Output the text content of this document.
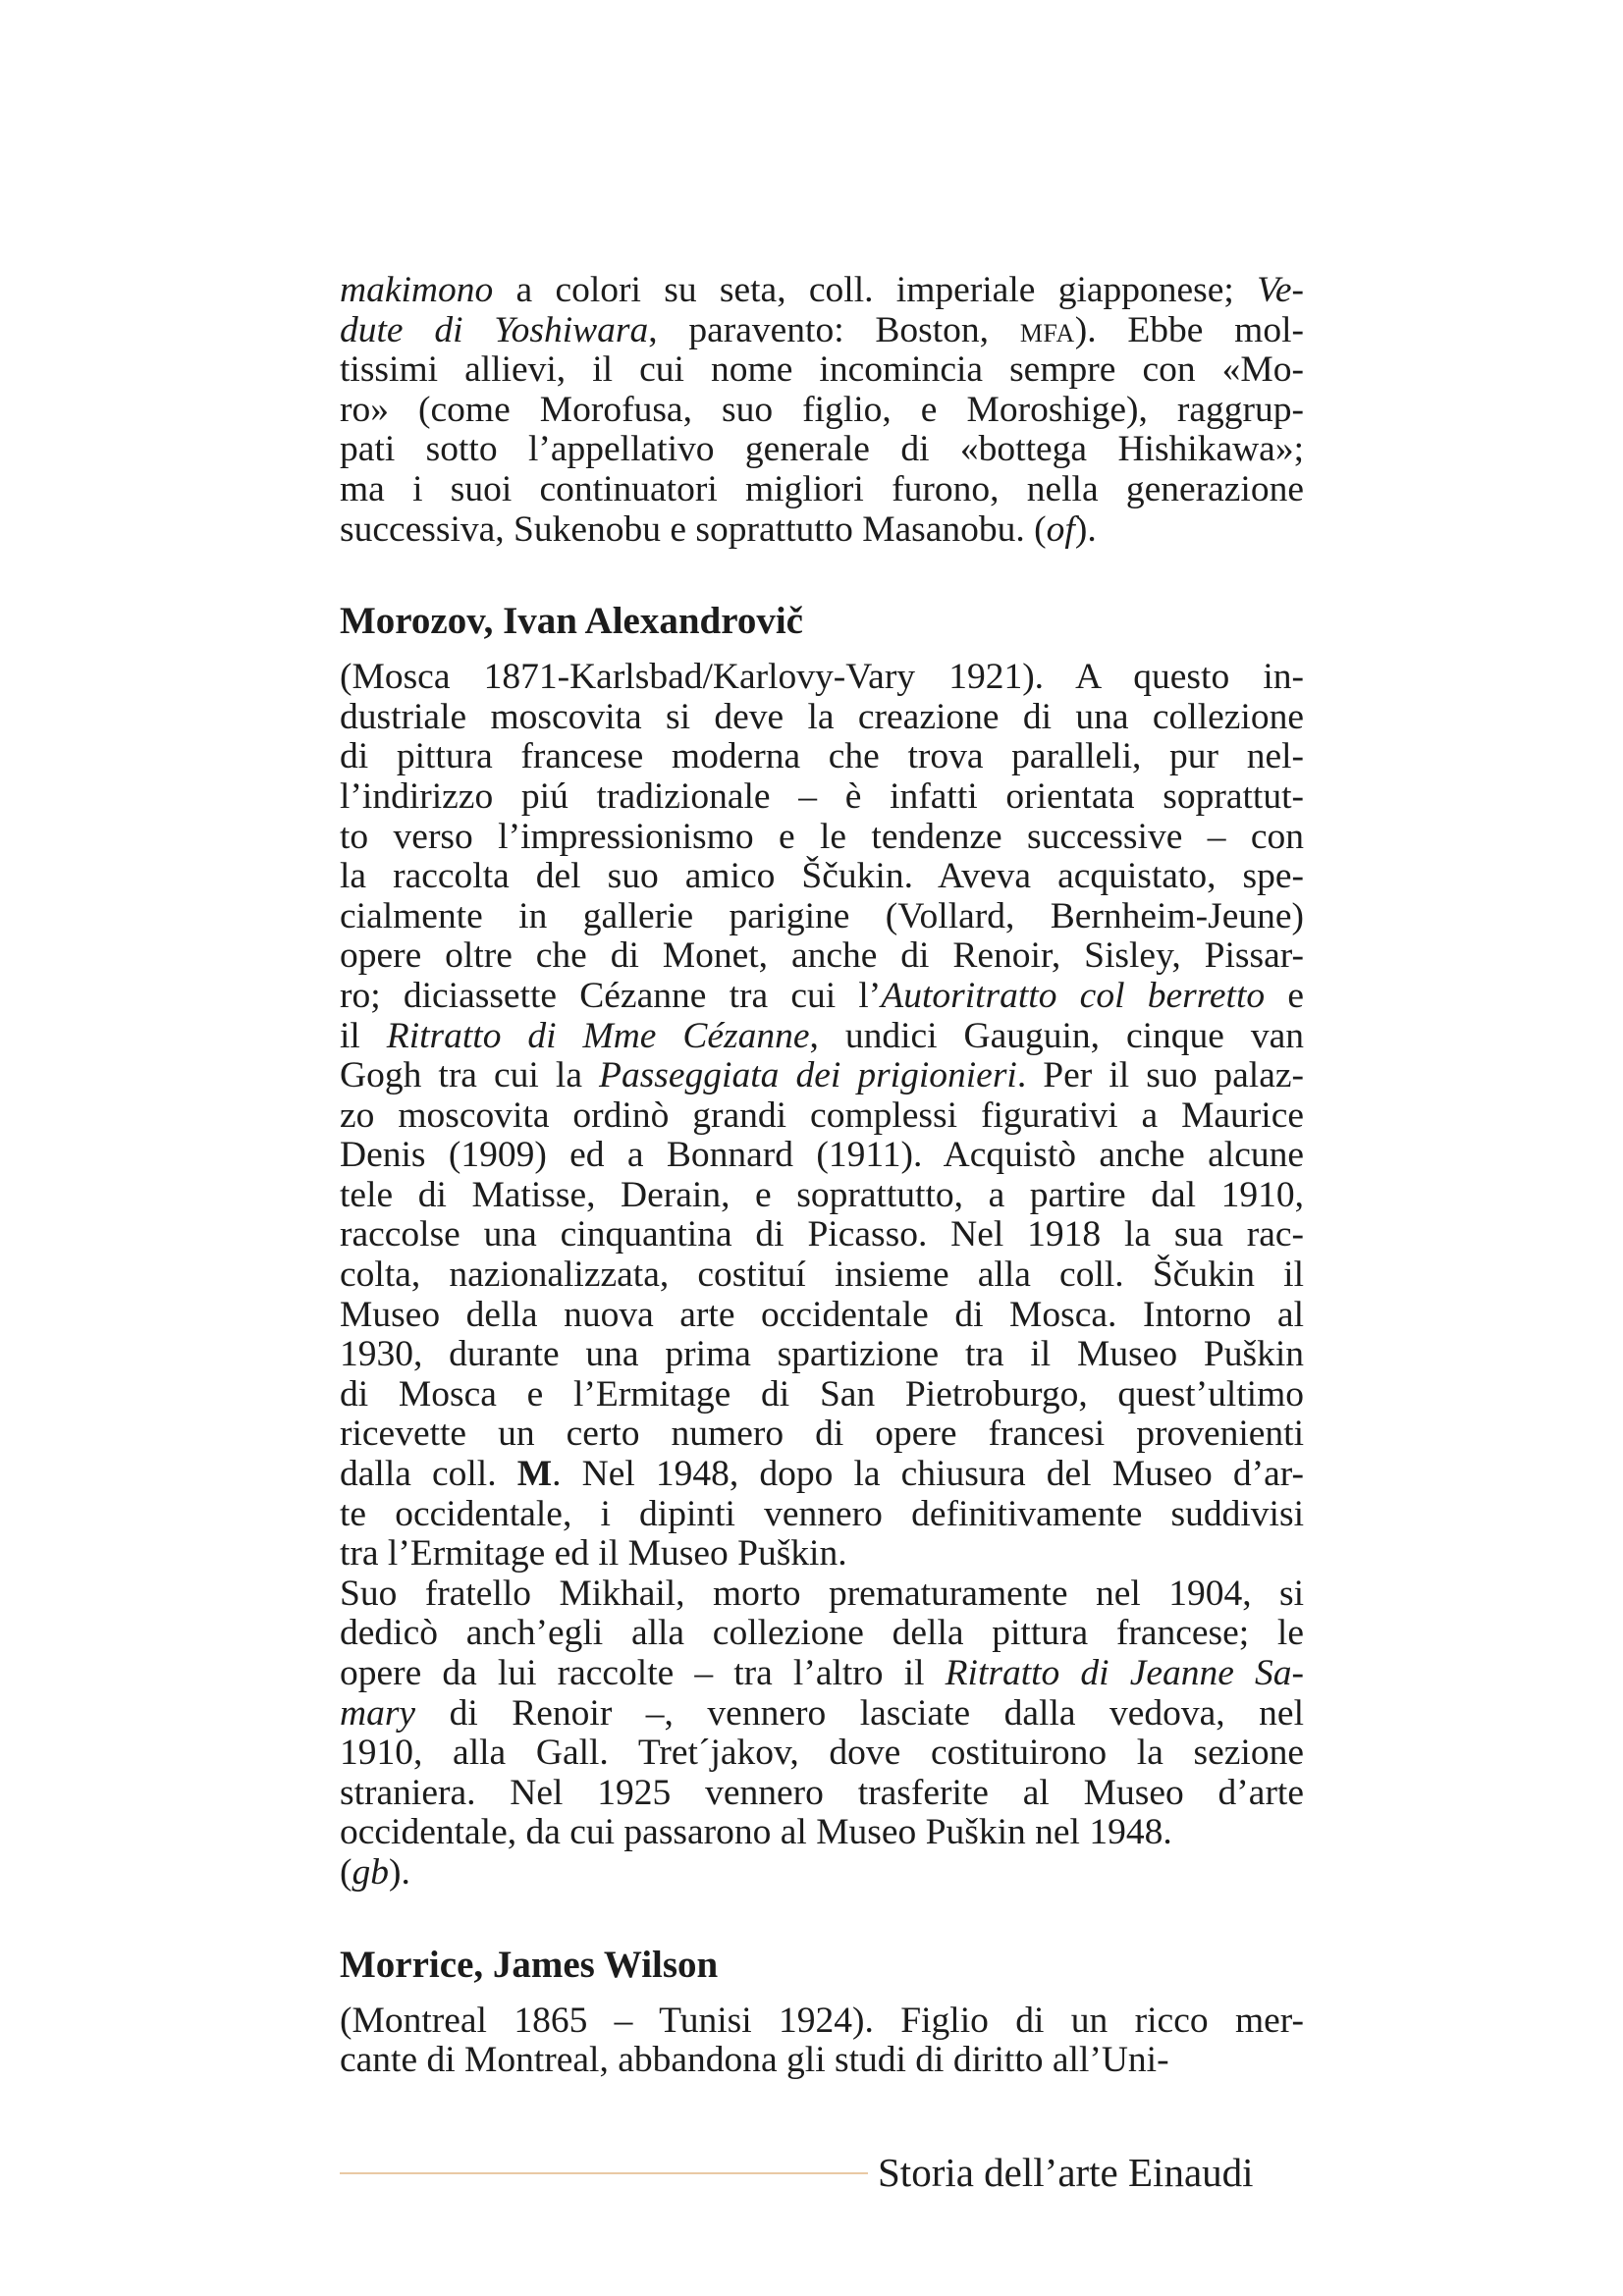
makimono a colori su seta, coll. imperiale giapponese; Ve-
dute di Yoshiwara, paravento: Boston, mfa). Ebbe mol-
tissimi allievi, il cui nome incomincia sempre con «Mo-
ro» (come Morofusa, suo figlio, e Moroshige), raggrup-
pati sotto l’appellativo generale di «bottega Hishikawa»;
ma i suoi continuatori migliori furono, nella generazione
successiva, Sukenobu e soprattutto Masanobu. (of).
Morozov, Ivan Alexandrovič
(Mosca 1871-Karlsbad/Karlovy-Vary 1921). A questo in-
dustriale moscovita si deve la creazione di una collezione
di pittura francese moderna che trova paralleli, pur nel-
l’indirizzo piú tradizionale – è infatti orientata soprattut-
to verso l’impressionismo e le tendenze successive – con
la raccolta del suo amico Ščukin. Aveva acquistato, spe-
cialmente in gallerie parigine (Vollard, Bernheim-Jeune)
opere oltre che di Monet, anche di Renoir, Sisley, Pissar-
ro; diciassette Cézanne tra cui l’Autoritratto col berretto e
il Ritratto di Mme Cézanne, undici Gauguin, cinque van
Gogh tra cui la Passeggiata dei prigionieri. Per il suo palaz-
zo moscovita ordinò grandi complessi figurativi a Maurice
Denis (1909) ed a Bonnard (1911). Acquistò anche alcune
tele di Matisse, Derain, e soprattutto, a partire dal 1910,
raccolse una cinquantina di Picasso. Nel 1918 la sua rac-
colta, nazionalizzata, costituí insieme alla coll. Ščukin il
Museo della nuova arte occidentale di Mosca. Intorno al
1930, durante una prima spartizione tra il Museo Puškin
di Mosca e l’Ermitage di San Pietroburgo, quest’ultimo
ricevette un certo numero di opere francesi provenienti
dalla coll. M. Nel 1948, dopo la chiusura del Museo d’ar-
te occidentale, i dipinti vennero definitivamente suddivisi
tra l’Ermitage ed il Museo Puškin.
Suo fratello Mikhail, morto prematuramente nel 1904, si
dedicò anch’egli alla collezione della pittura francese; le
opere da lui raccolte – tra l’altro il Ritratto di Jeanne Sa-
mary di Renoir –, vennero lasciate dalla vedova, nel
1910, alla Gall. Tret´jakov, dove costituirono la sezione
straniera. Nel 1925 vennero trasferite al Museo d’arte
occidentale, da cui passarono al Museo Puškin nel 1948.
(gb).
Morrice, James Wilson
(Montreal 1865 – Tunisi 1924). Figlio di un ricco mer-
cante di Montreal, abbandona gli studi di diritto all’Uni-
Storia dell’arte Einaudi
